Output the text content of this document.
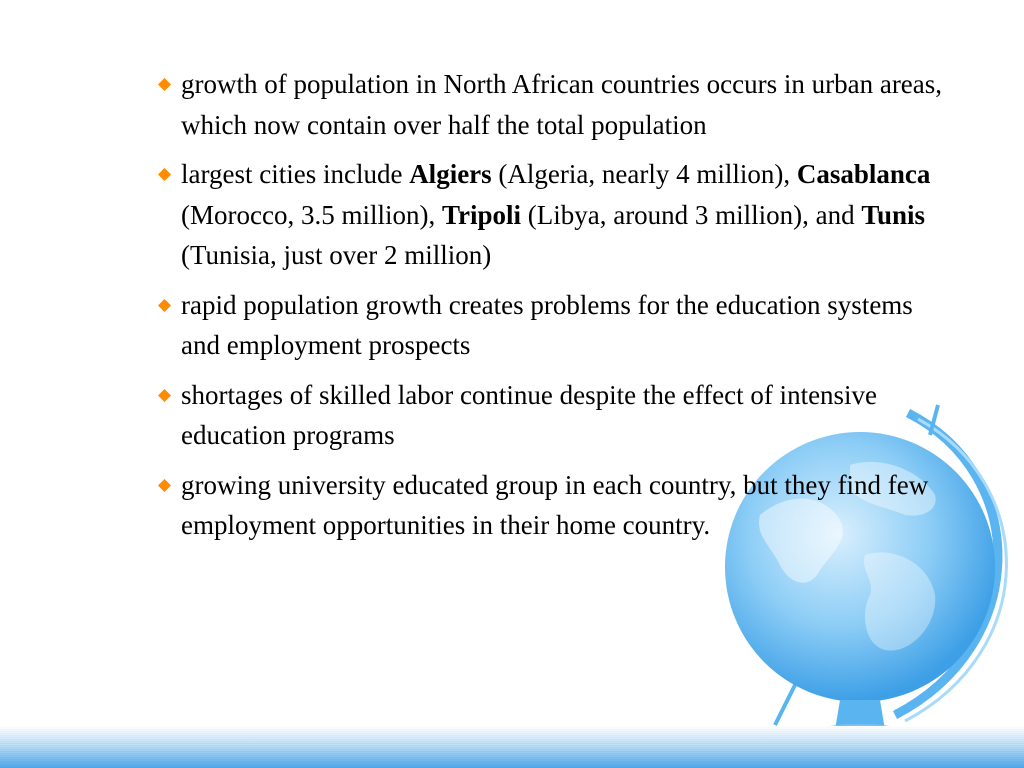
growth of population in North African countries occurs in urban areas, which now contain over half the total population
largest cities include Algiers (Algeria, nearly 4 million), Casablanca (Morocco, 3.5 million), Tripoli (Libya, around 3 million), and Tunis (Tunisia, just over 2 million)
rapid population growth creates problems for the education systems and employment prospects
shortages of skilled labor continue despite the effect of intensive education programs
growing university educated group in each country, but they find few employment opportunities in their home country.
